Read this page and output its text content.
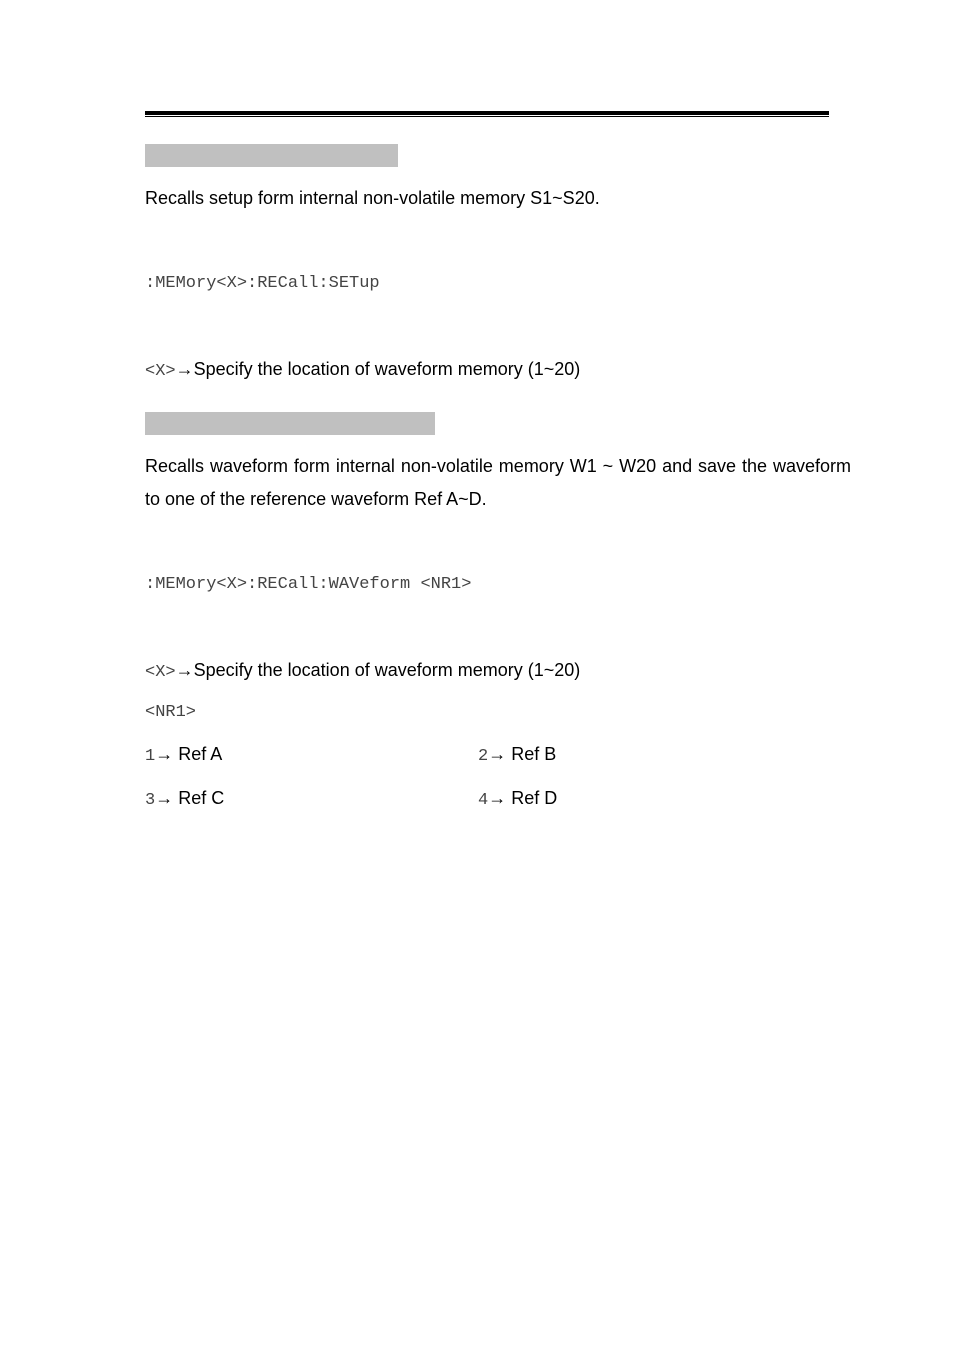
Recalls setup form internal non-volatile memory S1~S20.
:MEMory<X>:RECall:SETup
<X>→Specify the location of waveform memory (1~20)
Recalls waveform form internal non-volatile memory W1 ~ W20 and save the waveform to one of the reference waveform Ref A~D.
:MEMory<X>:RECall:WAVeform <NR1>
<X>→Specify the location of waveform memory (1~20)
<NR1>
1→ Ref A	2→ Ref B
3→ Ref C	4→ Ref D
